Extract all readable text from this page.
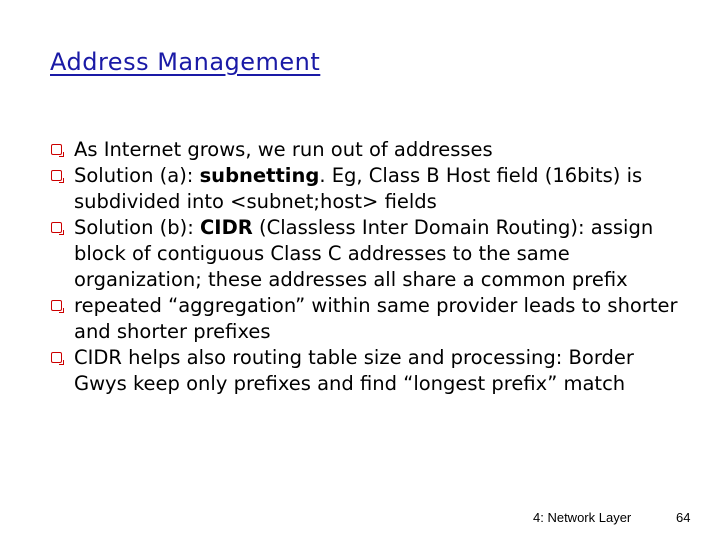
Address Management
As Internet grows, we run out of addresses
Solution (a): subnetting. Eg, Class B Host field (16bits) is subdivided into <subnet;host> fields
Solution (b): CIDR (Classless Inter Domain Routing): assign block of contiguous Class C addresses to the same organization; these addresses all share a common prefix
repeated “aggregation” within same provider leads to shorter and shorter prefixes
CIDR helps also routing table size and processing: Border Gwys keep only prefixes and find “longest prefix” match
4: Network Layer	64
